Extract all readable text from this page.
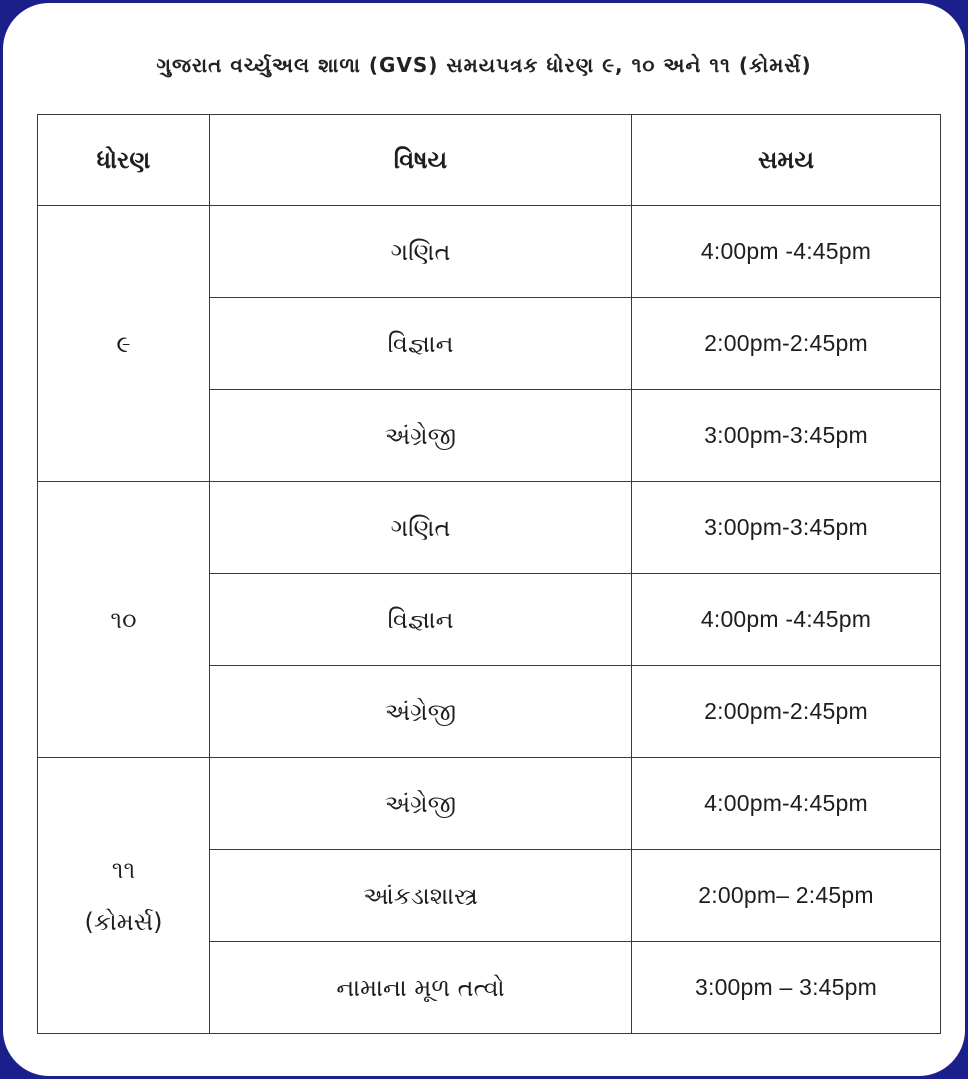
ગુજરાત વર્ચ્યુઅલ શાળા (GVS) સમયપત્રક ધોરણ ૯, ૧૦ અને ૧૧ (કોમર્સ)
ધોરણ	વિષય	સમય

૯	ગણિત	4:00pm -4:45pm
	વિજ્ઞાન	2:00pm-2:45pm
	અંગ્રેજી	3:00pm-3:45pm

૧૦	ગણિત	3:00pm-3:45pm
	વિજ્ઞાન	4:00pm -4:45pm
	અંગ્રેજી	2:00pm-2:45pm

૧૧
(કોમર્સ)	અંગ્રેજી	4:00pm-4:45pm
	આંકડાશાસ્ત્ર	2:00pm– 2:45pm
	નામાના મૂળ તત્વો	3:00pm – 3:45pm
